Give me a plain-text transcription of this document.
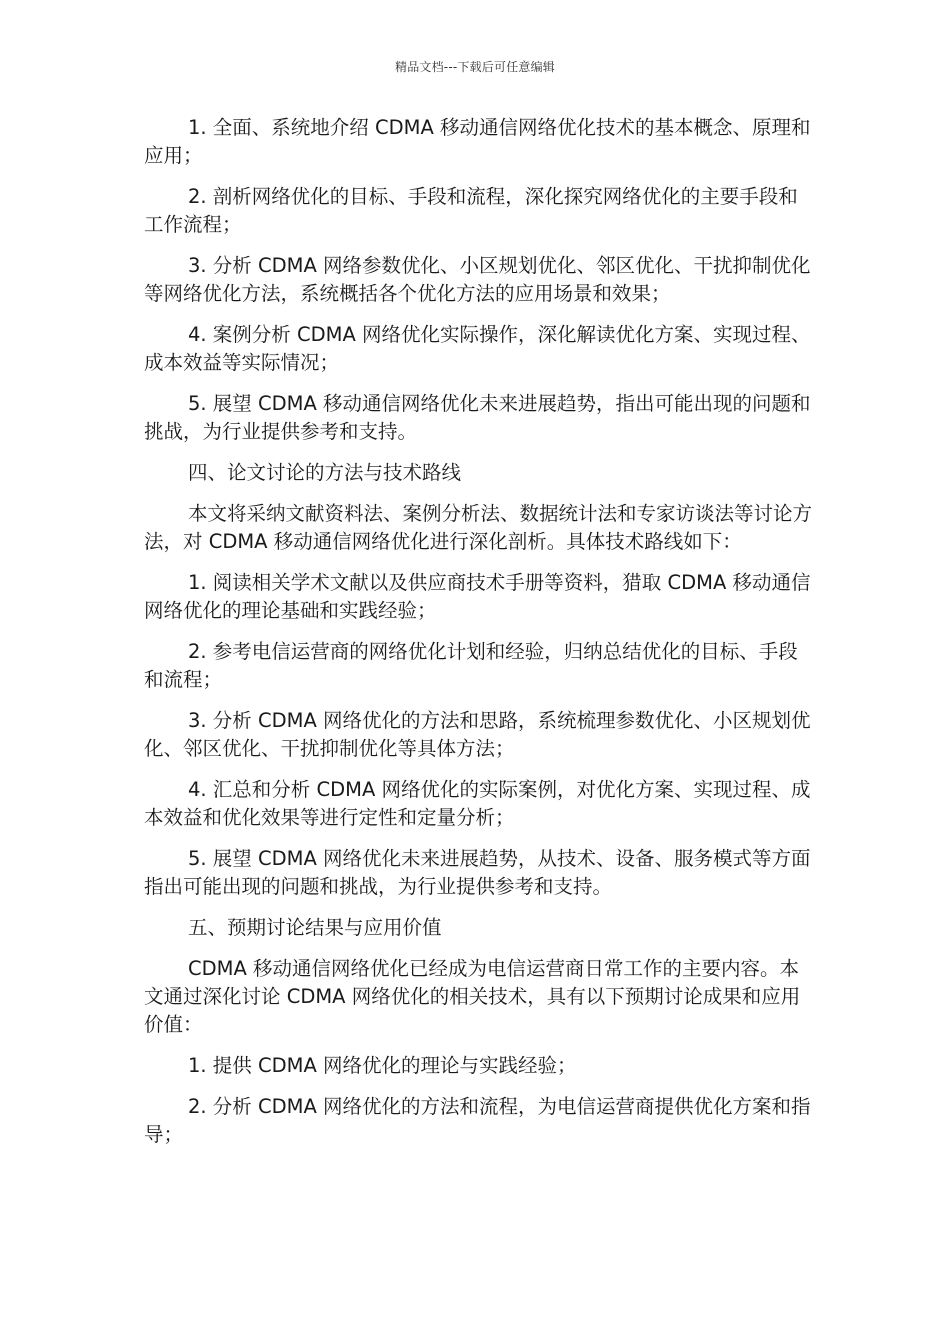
精品文档---下载后可任意编辑

1. 全面、系统地介绍 CDMA 移动通信网络优化技术的基本概念、原理和应用；

2. 剖析网络优化的目标、手段和流程，深化探究网络优化的主要手段和工作流程；

3. 分析 CDMA 网络参数优化、小区规划优化、邻区优化、干扰抑制优化等网络优化方法，系统概括各个优化方法的应用场景和效果；

4. 案例分析 CDMA 网络优化实际操作，深化解读优化方案、实现过程、成本效益等实际情况；

5. 展望 CDMA 移动通信网络优化未来进展趋势，指出可能出现的问题和挑战，为行业提供参考和支持。

四、论文讨论的方法与技术路线

本文将采纳文献资料法、案例分析法、数据统计法和专家访谈法等讨论方法，对 CDMA 移动通信网络优化进行深化剖析。具体技术路线如下：

1. 阅读相关学术文献以及供应商技术手册等资料，猎取 CDMA 移动通信网络优化的理论基础和实践经验；

2. 参考电信运营商的网络优化计划和经验，归纳总结优化的目标、手段和流程；

3. 分析 CDMA 网络优化的方法和思路，系统梳理参数优化、小区规划优化、邻区优化、干扰抑制优化等具体方法；

4. 汇总和分析 CDMA 网络优化的实际案例，对优化方案、实现过程、成本效益和优化效果等进行定性和定量分析；

5. 展望 CDMA 网络优化未来进展趋势，从技术、设备、服务模式等方面指出可能出现的问题和挑战，为行业提供参考和支持。

五、预期讨论结果与应用价值

CDMA 移动通信网络优化已经成为电信运营商日常工作的主要内容。本文通过深化讨论 CDMA 网络优化的相关技术，具有以下预期讨论成果和应用价值：

1. 提供 CDMA 网络优化的理论与实践经验；

2. 分析 CDMA 网络优化的方法和流程，为电信运营商提供优化方案和指导；
